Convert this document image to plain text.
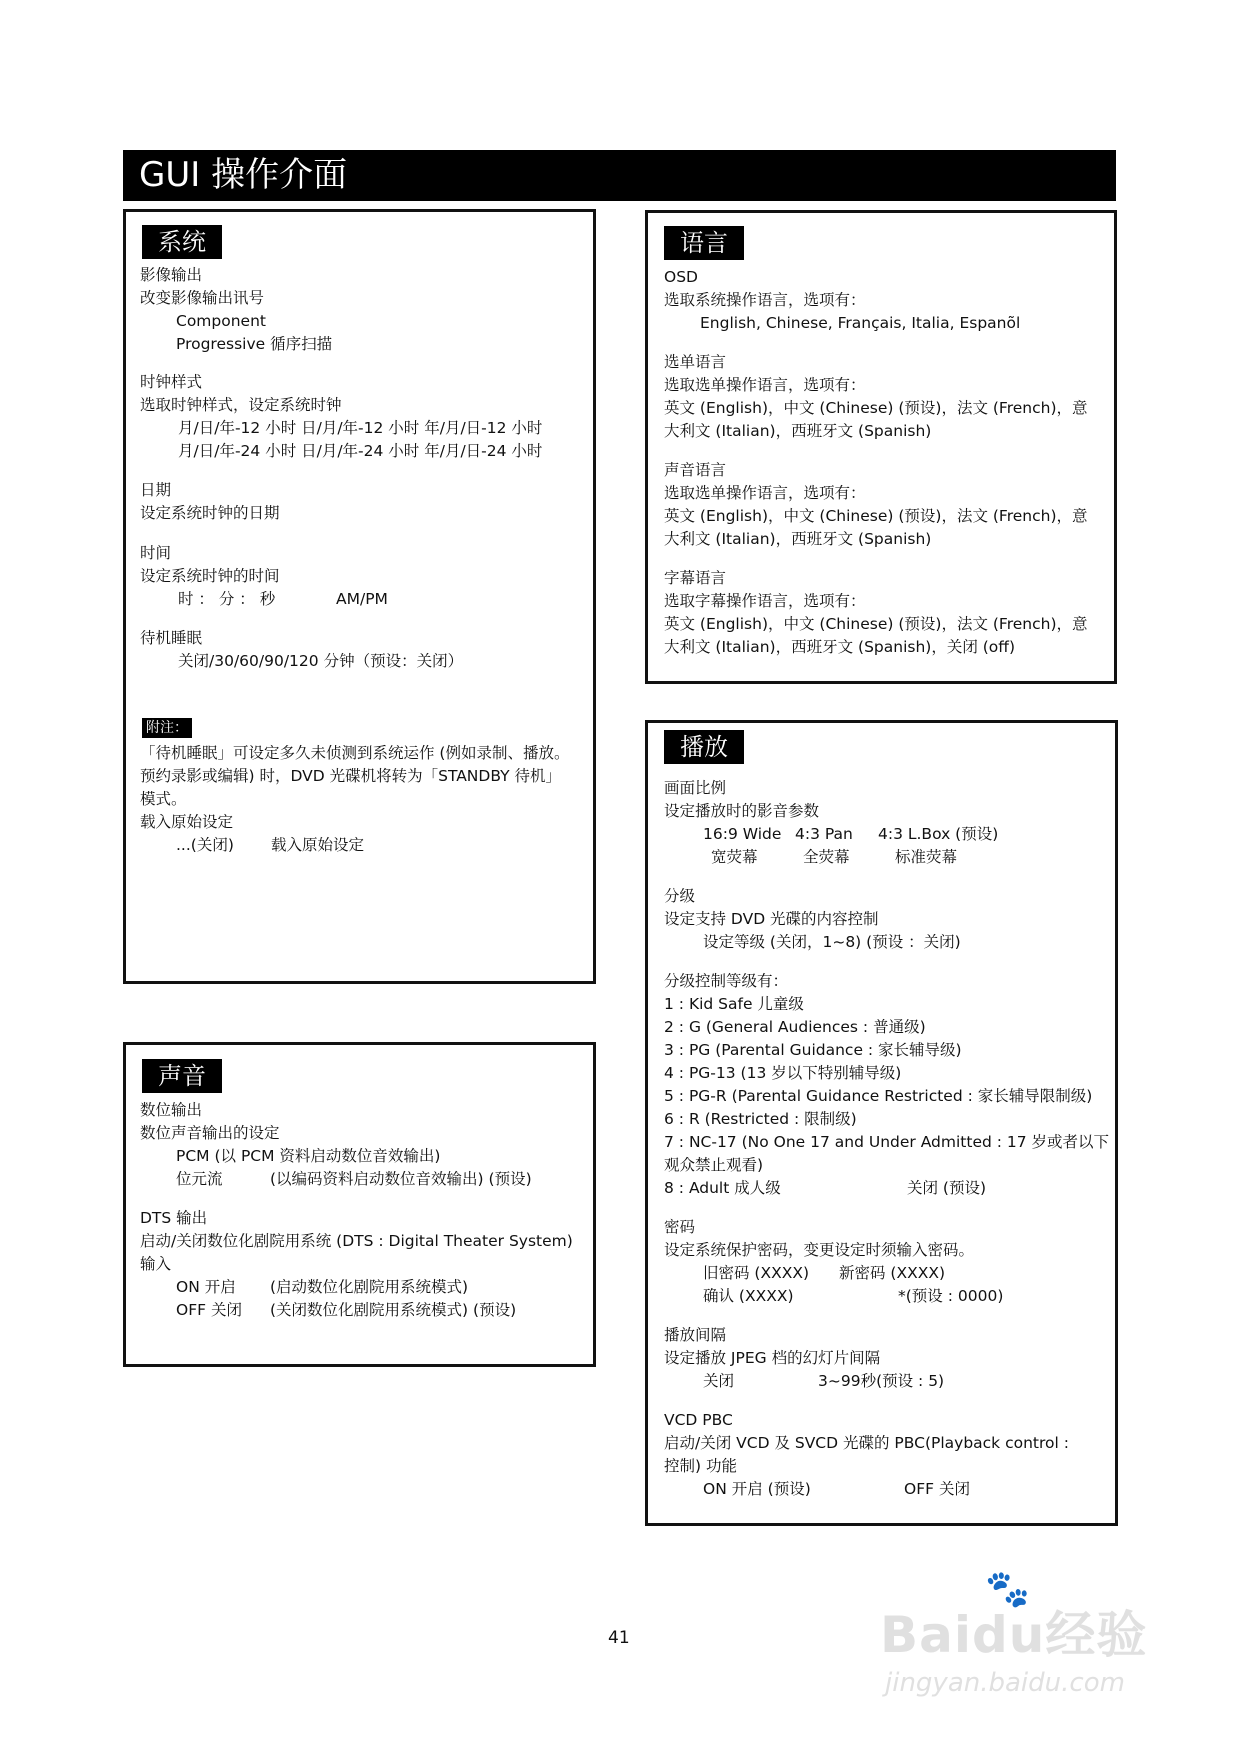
GUI 操作介面
系统
影像输出
改变影像输出讯号
Component
Progressive 循序扫描
时钟样式
选取时钟样式，设定系统时钟
月/日/年-12 小时 日/月/年-12 小时 年/月/日-12 小时
月/日/年-24 小时 日/月/年-24 小时 年/月/日-24 小时
日期
设定系统时钟的日期
时间
设定系统时钟的时间
时 ： 分 ： 秒	AM/PM
待机睡眠
关闭/30/60/90/120 分钟（预设：关闭）
附注：
「待机睡眠」可设定多久未侦测到系统运作 (例如录制、播放。
预约录影或编辑) 时，DVD 光碟机将转为「STANDBY 待机」
模式。
载入原始设定
...(关闭) 载入原始设定
声音
数位输出
数位声音输出的设定
PCM (以 PCM 资料启动数位音效输出)
位元流	(以编码资料启动数位音效输出) (预设)
DTS 输出
启动/关闭数位化剧院用系统 (DTS : Digital Theater System)
输入
ON 开启 (启动数位化剧院用系统模式)
OFF 关闭 (关闭数位化剧院用系统模式) (预设)
语言
OSD
选取系统操作语言，选项有：
English, Chinese, Français, Italia, Espanõl
选单语言
选取选单操作语言，选项有：
英文 (English)，中文 (Chinese) (预设)，法文 (French)，意
大利文 (Italian)，西班牙文 (Spanish)
声音语言
选取选单操作语言，选项有：
英文 (English)，中文 (Chinese) (预设)，法文 (French)，意
大利文 (Italian)，西班牙文 (Spanish)
字幕语言
选取字幕操作语言，选项有：
英文 (English)，中文 (Chinese) (预设)，法文 (French)，意
大利文 (Italian)，西班牙文 (Spanish)，关闭 (off)
播放
画面比例
设定播放时的影音参数
16:9 Wide 4:3 Pan 4:3 L.Box (预设)
宽荧幕	全荧幕	标准荧幕
分级
设定支持 DVD 光碟的内容控制
设定等级 (关闭，1~8) (预设 ：关闭)
分级控制等级有：
1 : Kid Safe 儿童级
2 : G (General Audiences : 普通级)
3 : PG (Parental Guidance : 家长辅导级)
4 : PG-13 (13 岁以下特别辅导级)
5 : PG-R (Parental Guidance Restricted : 家长辅导限制级)
6 : R (Restricted : 限制级)
7 : NC-17 (No One 17 and Under Admitted : 17 岁或者以下
观众禁止观看)
8 : Adult 成人级	关闭 (预设)
密码
设定系统保护密码，变更设定时须输入密码。
旧密码 (XXXX) 新密码 (XXXX)
确认 (XXXX)	*(预设 : 0000)
播放间隔
设定播放 JPEG 档的幻灯片间隔
关闭	3~99秒(预设 : 5)
VCD PBC
启动/关闭 VCD 及 SVCD 光碟的 PBC(Playback control :
控制) 功能
ON 开启 (预设)	OFF 关闭
41	Baidu经验
🐾
jingyan.baidu.com
